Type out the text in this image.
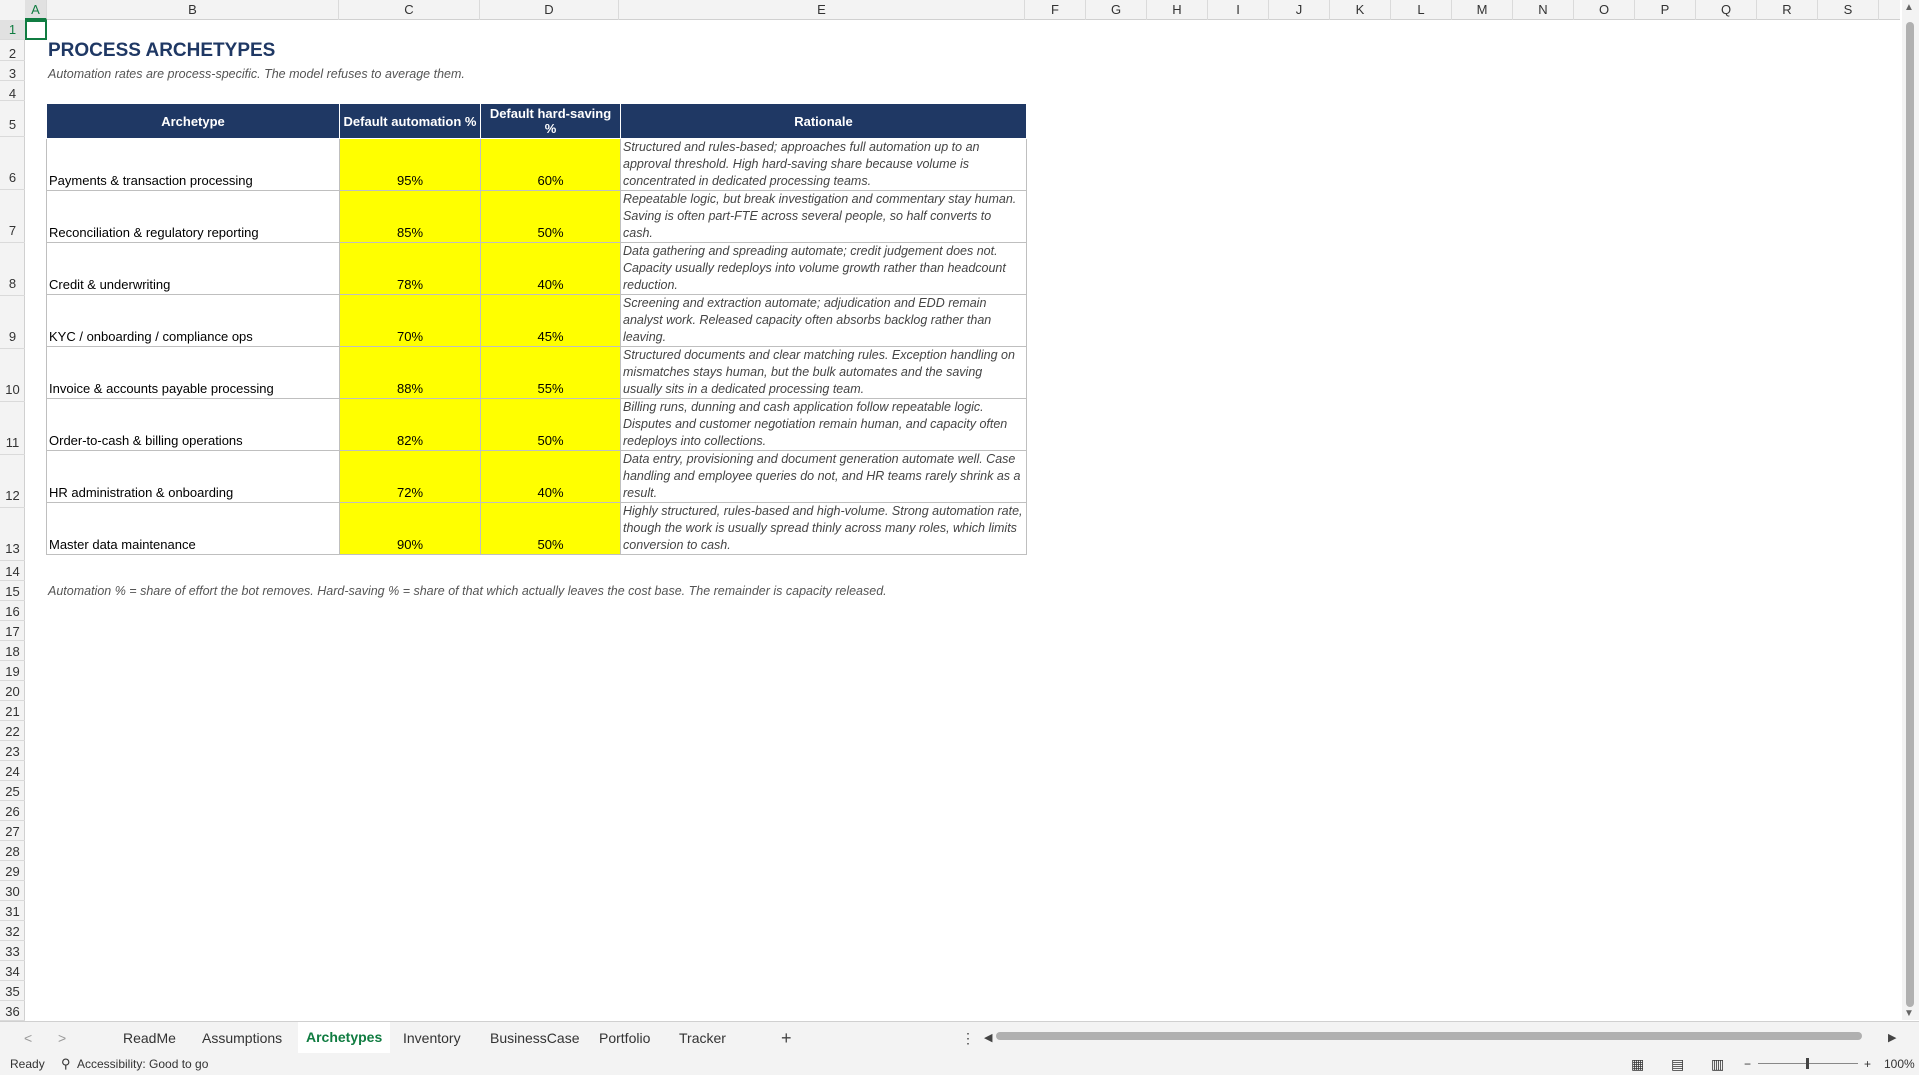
A	B	C	D	E	F	G	H	I	J	K	L	M	N	O	P	Q	R	S
1
2
3
4
5
6
7
8
9
10
11
12
13
14
15
16
17
18
19
20
21
22
23
24
25
26
27
28
29
30
31
32
33
34
35
36
PROCESS ARCHETYPES
Automation rates are process-specific. The model refuses to average them.
Archetype	Default automation %	Default hard-saving %	Rationale
Payments & transaction processing	95%	60%	Structured and rules-based; approaches full automation up to an approval threshold. High hard-saving share because volume is concentrated in dedicated processing teams.
Reconciliation & regulatory reporting	85%	50%	Repeatable logic, but break investigation and commentary stay human. Saving is often part-FTE across several people, so half converts to cash.
Credit & underwriting	78%	40%	Data gathering and spreading automate; credit judgement does not. Capacity usually redeploys into volume growth rather than headcount reduction.
KYC / onboarding / compliance ops	70%	45%	Screening and extraction automate; adjudication and EDD remain analyst work. Released capacity often absorbs backlog rather than leaving.
Invoice & accounts payable processing	88%	55%	Structured documents and clear matching rules. Exception handling on mismatches stays human, but the bulk automates and the saving usually sits in a dedicated processing team.
Order-to-cash & billing operations	82%	50%	Billing runs, dunning and cash application follow repeatable logic. Disputes and customer negotiation remain human, and capacity often redeploys into collections.
HR administration & onboarding	72%	40%	Data entry, provisioning and document generation automate well. Case handling and employee queries do not, and HR teams rarely shrink as a result.
Master data maintenance	90%	50%	Highly structured, rules-based and high-volume. Strong automation rate, though the work is usually spread thinly across many roles, which limits conversion to cash.
Automation % = share of effort the bot removes. Hard-saving % = share of that which actually leaves the cost base. The remainder is capacity released.
▲
▼
< >	ReadMe	Assumptions	Archetypes	Inventory	BusinessCase	Portfolio	Tracker	+	⋮ ◀	▶
Ready ⚲ Accessibility: Good to go	▦ ▤ ▥ −	+ 100%
